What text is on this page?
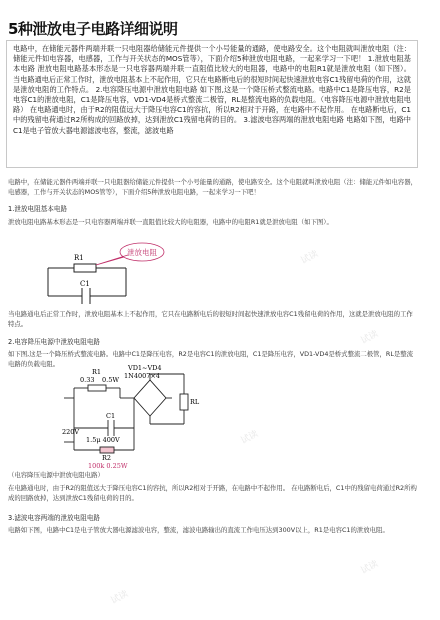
5种泄放电子电路详细说明

电路中，在储能元器件两端并联一只电阻器给储能元件提供一个小号能量的通路，使电路安全。这个电阻就叫泄放电阻（注：储能元件如电容器，电感器，工作与开关状态的MOS管等），下面介绍5种泄放电阻电路，一起来学习一下吧！ 1.泄放电阻基本电路 泄放电阻电路基本形态是一只电容器两端并联一直阻值比较大的电阻器，电路中的电阻R1就是泄放电阻（如下图）。 当电路通电后正常工作时，泄放电阻基本上不起作用，它只在电路断电后的很短时间起快速泄放电容C1残留电荷的作用，这就是泄放电阻的工作特点。 2.电容降压电源中泄放电阻电路 如下图,这是一个降压桥式整流电路。电路中C1是降压电容，R2是电容C1的泄放电阻，C1是降压电容，VD1-VD4是桥式整流二极管，RL是整流电路的负载电阻。（电容降压电源中泄放电阻电路） 在电路通电时，由于R2的阻值远大于降压电容C1的容抗，所以R2相对于开路，在电路中不起作用。 在电路断电后，C1中的残留电荷通过R2所构成的回路放掉，达到泄放C1残留电荷的目的。 3.滤波电容两端的泄放电阻电路 电路如下图，电路中C1是电子管放大器电源滤波电容，整流，滤波电路

电路中，在储能元器件两端并联一只电阻器给储能元件提供一个小号能量的通路，使电路安全。这个电阻就叫泄放电阻（注：储能元件如电容器，电感器，工作与开关状态的MOS管等），下面介绍5种泄放电阻电路，一起来学习一下吧！

1.泄放电阻基本电路

泄放电阻电路基本形态是一只电容器两端并联一直阻值比较大的电阻器，电路中的电阻R1就是泄放电阻（如下图）。

泄放电阻
R1
C1

当电路通电后正常工作时，泄放电阻基本上不起作用，它只在电路断电后的很短时间起快速泄放电容C1残留电荷的作用，这就是泄放电阻的工作特点。

2.电容降压电源中泄放电阻电路

如下图,这是一个降压桥式整流电路。电路中C1是降压电容，R2是电容C1的泄放电阻，C1是降压电容，VD1-VD4是桥式整流二极管，RL是整流电路的负载电阻。

VD1~VD4
1N4007×4
R1
0.33 0.5W
RL
C1
1.5μ 400V
220V
R2
100k 0.25W

（电容降压电源中泄放电阻电路）

在电路通电时，由于R2的阻值远大于降压电容C1的容抗，所以R2相对于开路，在电路中不起作用。 在电路断电后，C1中的残留电荷通过R2所构成的回路放掉，达到泄放C1残留电荷的目的。

3.滤波电容两端的泄放电阻电路

电路如下图，电路中C1是电子管放大器电源滤波电容，整流，滤波电路输出的直流工作电压达到300V以上，R1是电容C1的泄放电阻。

试读
试读
试读
试读
试读
